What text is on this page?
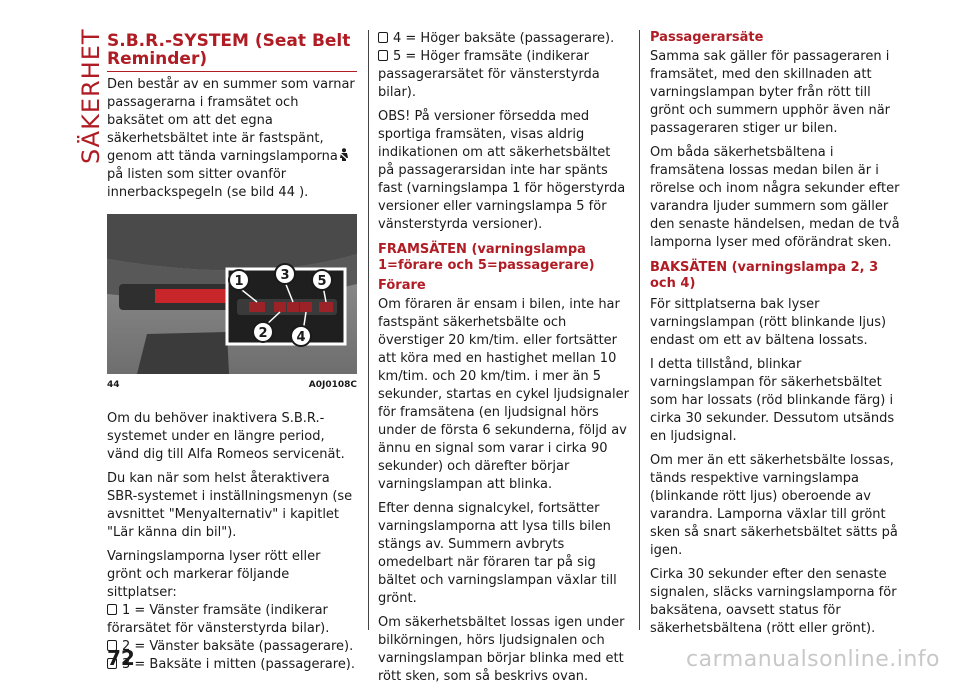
SÄKERHET S.B.R.-SYSTEM (Seat Belt Reminder)

Den består av en summer som varnar passagerarna i framsätet och baksätet om att det egna säkerhetsbältet inte är fastspänt, genom att tända varningslamporna på listen som sitter ovanför innerbackspegeln (se bild 44 ).

1	3 5
2 4
44	A0J0108C

Om du behöver inaktivera S.B.R.-systemet under en längre period, vänd dig till Alfa Romeos servicenät.

Du kan när som helst återaktivera SBR-systemet i inställningsmenyn (se avsnittet "Menyalternativ" i kapitlet "Lär känna din bil").

Varningslamporna lyser rött eller grönt och markerar följande sittplatser:

1 = Vänster framsäte (indikerar förarsätet för vänsterstyrda bilar).
2 = Vänster baksäte (passagerare).
3 = Baksäte i mitten (passagerare).
4 = Höger baksäte (passagerare).
5 = Höger framsäte (indikerar passagerarsätet för vänsterstyrda bilar).

OBS! På versioner försedda med sportiga framsäten, visas aldrig indikationen om att säkerhetsbältet på passagerarsidan inte har spänts fast (varningslampa 1 för högerstyrda versioner eller varningslampa 5 för vänsterstyrda versioner).

FRAMSÄTEN (varningslampa 1=förare och 5=passagerare)
Förare

Om föraren är ensam i bilen, inte har fastspänt säkerhetsbälte och överstiger 20 km/tim. eller fortsätter att köra med en hastighet mellan 10 km/tim. och 20 km/tim. i mer än 5 sekunder, startas en cykel ljudsignaler för framsätena (en ljudsignal hörs under de första 6 sekunderna, följd av ännu en signal som varar i cirka 90 sekunder) och därefter börjar varningslampan att blinka.

Efter denna signalcykel, fortsätter varningslamporna att lysa tills bilen stängs av. Summern avbryts omedelbart när föraren tar på sig bältet och varningslampan växlar till grönt.

Om säkerhetsbältet lossas igen under bilkörningen, hörs ljudsignalen och varningslampan börjar blinka med ett rött sken, som så beskrivs ovan.

Passagerarsäte

Samma sak gäller för passageraren i framsätet, med den skillnaden att varningslampan byter från rött till grönt och summern upphör även när passageraren stiger ur bilen.

Om båda säkerhetsbältena i framsätena lossas medan bilen är i rörelse och inom några sekunder efter varandra ljuder summern som gäller den senaste händelsen, medan de två lamporna lyser med oförändrat sken.

BAKSÄTEN (varningslampa 2, 3 och 4)

För sittplatserna bak lyser varningslampan (rött blinkande ljus) endast om ett av bältena lossats.

I detta tillstånd, blinkar varningslampan för säkerhetsbältet som har lossats (röd blinkande färg) i cirka 30 sekunder. Dessutom utsänds en ljudsignal.

Om mer än ett säkerhetsbälte lossas, tänds respektive varningslampa (blinkande rött ljus) oberoende av varandra. Lamporna växlar till grönt sken så snart säkerhetsbältet sätts på igen.

Cirka 30 sekunder efter den senaste signalen, släcks varningslamporna för baksätena, oavsett status för säkerhetsbältena (rött eller grönt).

72	carmanualsonline.info
